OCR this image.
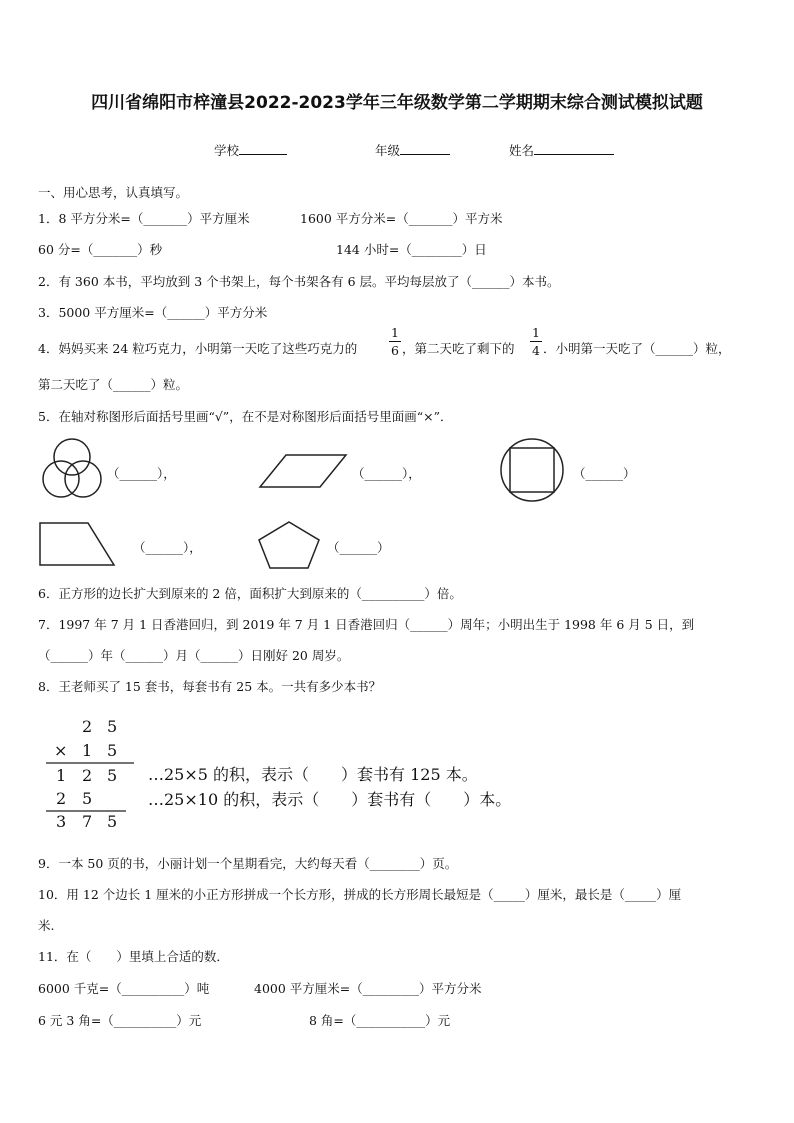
四川省绵阳市梓潼县2022-2023学年三年级数学第二学期期末综合测试模拟试题
学校	年级	姓名
一、用心思考，认真填写。
1．8 平方分米=（_______）平方厘米	1600 平方分米=（_______）平方米
60 分=（_______）秒	144 小时=（________）日
2．有 360 本书，平均放到 3 个书架上，每个书架各有 6 层。平均每层放了（______）本书。
3．5000 平方厘米=（______）平方分米
4．妈妈买来 24 粒巧克力，小明第一天吃了这些巧克力的
1
6 ，第二天吃了剩下的
1
4 ．小明第一天吃了（______）粒，
第二天吃了（______）粒。
5．在轴对称图形后面括号里画“√”，在不是对称图形后面括号里面画“×”．
（______），	（______），	（______）
（______），	（______）
6．正方形的边长扩大到原来的 2 倍，面积扩大到原来的（__________）倍。
7．1997 年 7 月 1 日香港回归，到 2019 年 7 月 1 日香港回归（______）周年；小明出生于 1998 年 6 月 5 日，到
（______）年（______）月（______）日刚好 20 周岁。
8．王老师买了 15 套书，每套书有 25 本。一共有多少本书？
2 5
× 1 5
1 2 5
2 5
3 7 5
…25×5 的积，表示（　　）套书有 125 本。
…25×10 的积，表示（　　）套书有（　　）本。
9．一本 50 页的书，小丽计划一个星期看完，大约每天看（________）页。
10．用 12 个边长 1 厘米的小正方形拼成一个长方形，拼成的长方形周长最短是（_____）厘米，最长是（_____）厘
米.
11．在（　　）里填上合适的数．
6000 千克=（__________）吨	4000 平方厘米=（_________）平方分米
6 元 3 角=（__________）元	8 角=（___________）元
